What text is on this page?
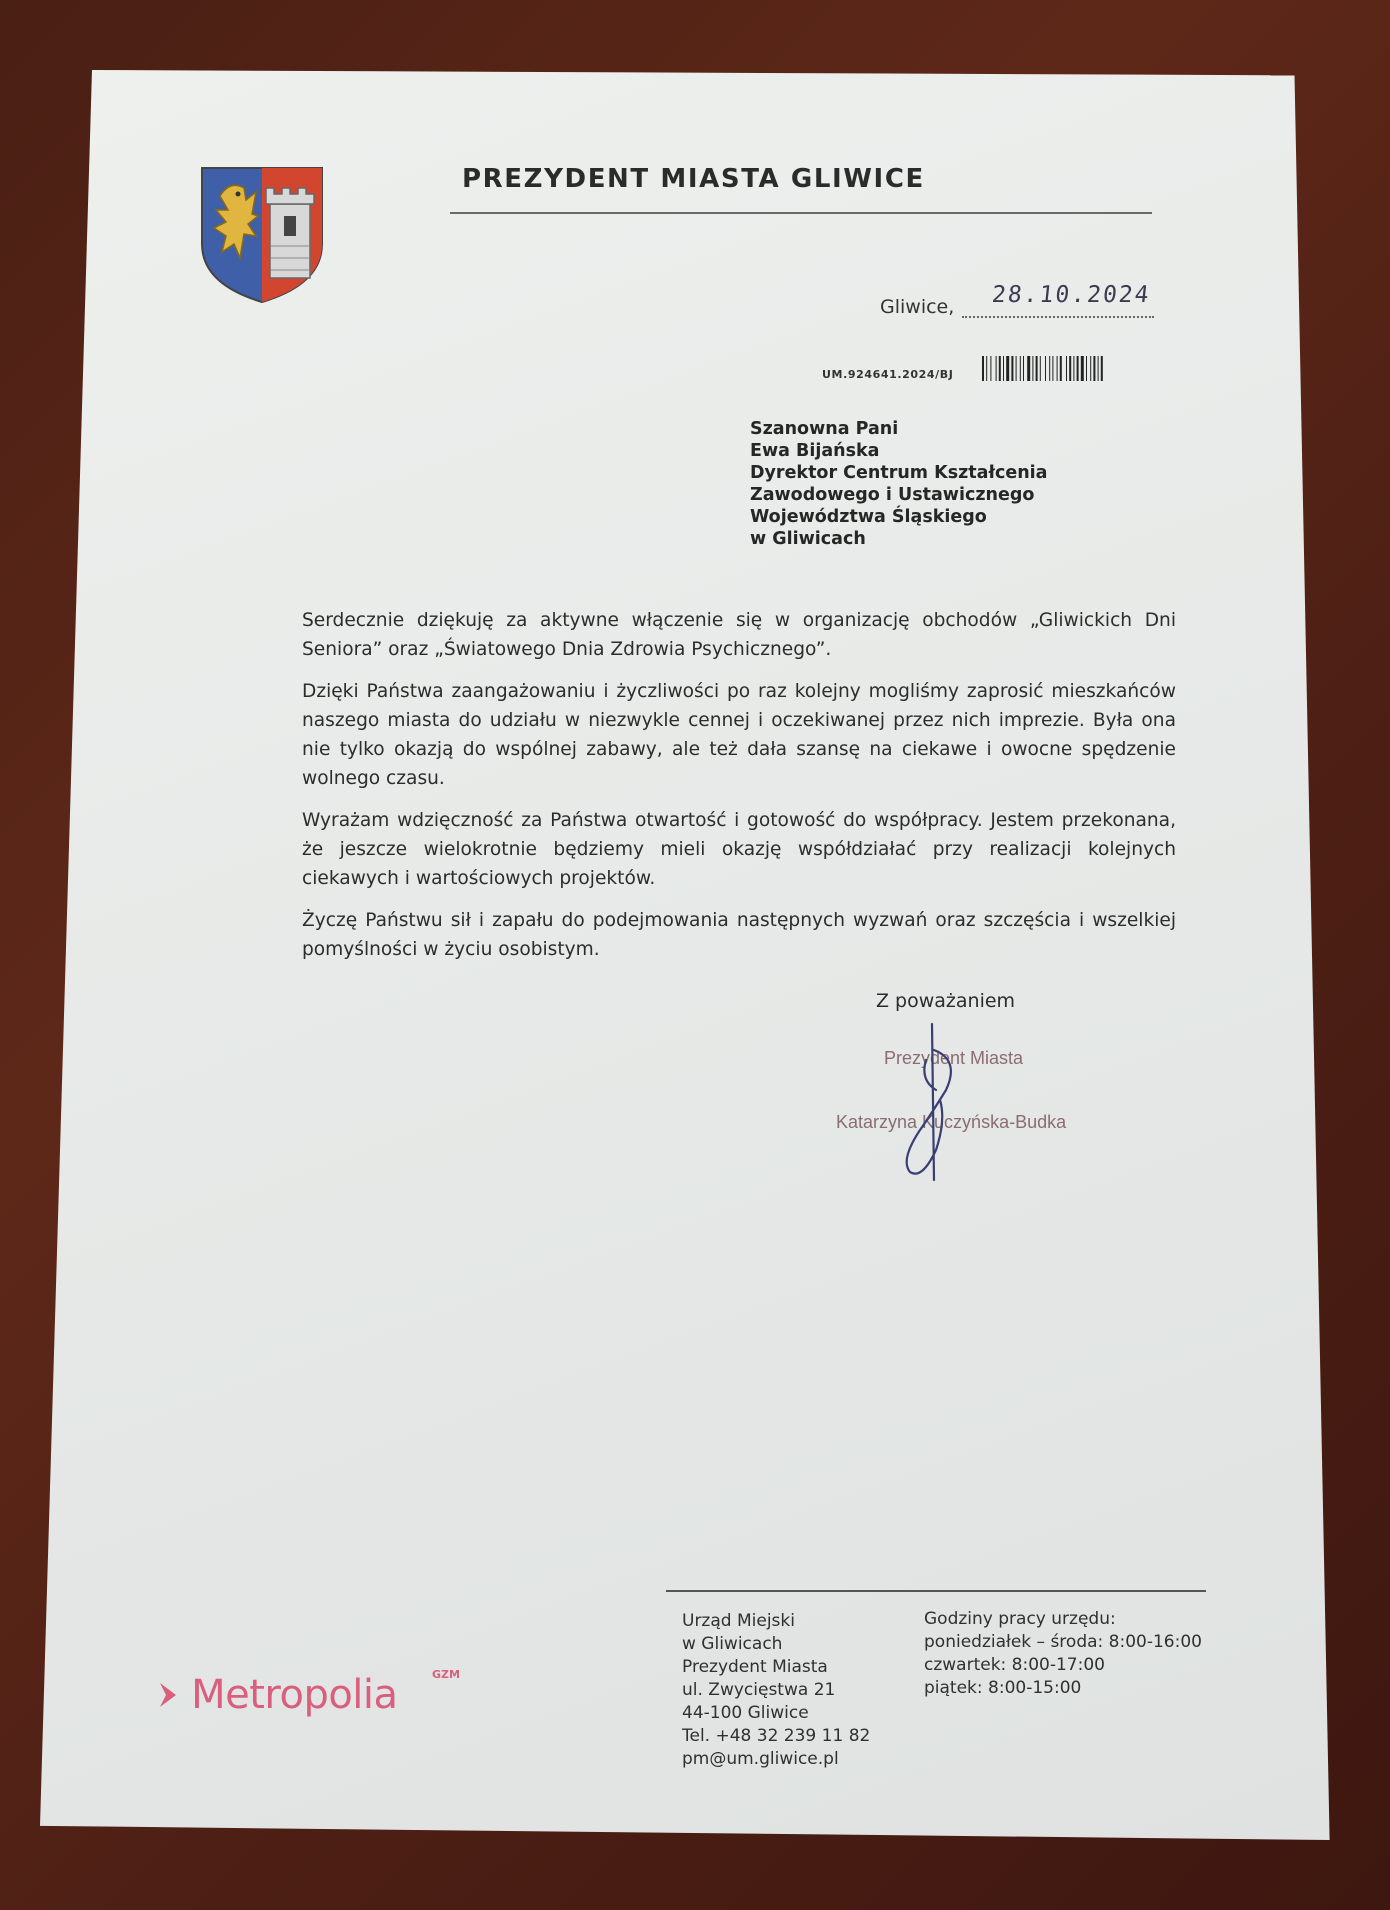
PREZYDENT MIASTA GLIWICE
Gliwice, 28.10.2024
UM.924641.2024/BJ
Szanowna Pani
Ewa Bijańska
Dyrektor Centrum Kształcenia
Zawodowego i Ustawicznego
Województwa Śląskiego
w Gliwicach

Serdecznie dziękuję za aktywne włączenie się w organizację obchodów „Gliwickich Dni Seniora” oraz „Światowego Dnia Zdrowia Psychicznego”.

Dzięki Państwa zaangażowaniu i życzliwości po raz kolejny mogliśmy zaprosić mieszkańców naszego miasta do udziału w niezwykle cennej i oczekiwanej przez nich imprezie. Była ona nie tylko okazją do wspólnej zabawy, ale też dała szansę na ciekawe i owocne spędzenie wolnego czasu.

Wyrażam wdzięczność za Państwa otwartość i gotowość do współpracy. Jestem przekonana, że jeszcze wielokrotnie będziemy mieli okazję współdziałać przy realizacji kolejnych ciekawych i wartościowych projektów.

Życzę Państwu sił i zapału do podejmowania następnych wyzwań oraz szczęścia i wszelkiej pomyślności w życiu osobistym.

Z poważaniem
Prezydent Miasta
Katarzyna Kuczyńska-Budka
Urząd Miejski
w Gliwicach
Prezydent Miasta
ul. Zwycięstwa 21
44-100 Gliwice
Tel. +48 32 239 11 82
pm@um.gliwice.pl
Godziny pracy urzędu:
poniedziałek – środa: 8:00-16:00
czwartek: 8:00-17:00
piątek: 8:00-15:00
Metropolia	GZM
